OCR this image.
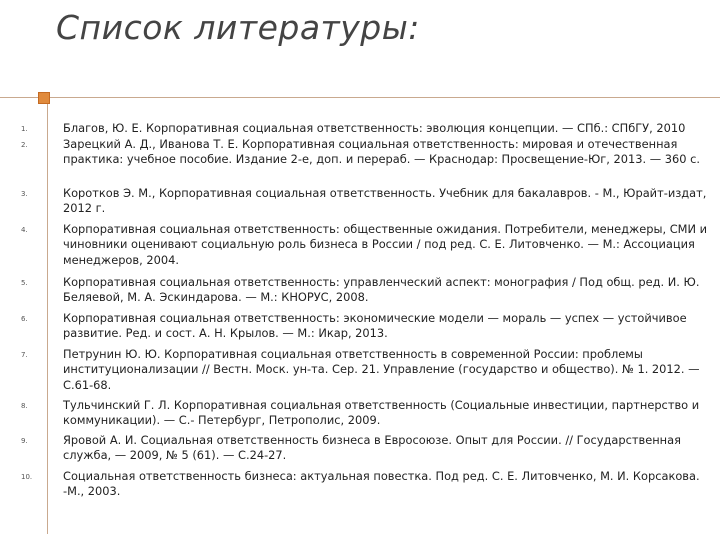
Список литературы:
1.	Благов, Ю. Е. Корпоративная социальная ответственность: эволюция концепции. — СПб.: СПбГУ, 2010
2.	Зарецкий А. Д., Иванова Т. Е. Корпоративная социальная ответственность: мировая и отечественная практика: учебное пособие. Издание 2-е, доп. и перераб. — Краснодар: Просвещение-Юг, 2013. — 360 с.
3.	Коротков Э. М., Корпоративная социальная ответственность. Учебник для бакалавров. - М., Юрайт-издат, 2012 г.
4.	Корпоративная социальная ответственность: общественные ожидания. Потребители, менеджеры, СМИ и чиновники оценивают социальную роль бизнеса в России / под ред. С. Е. Литовченко. — М.: Ассоциация менеджеров, 2004.
5.	Корпоративная социальная ответственность: управленческий аспект: монография / Под общ. ред. И. Ю. Беляевой, М. А. Эскиндарова. — М.: КНОРУС, 2008.
6.	Корпоративная социальная ответственность: экономические модели — мораль — успех — устойчивое развитие. Ред. и сост. А. Н. Крылов. — М.: Икар, 2013.
7.	Петрунин Ю. Ю. Корпоративная социальная ответственность в современной России: проблемы институционализации // Вестн. Моск. ун-та. Сер. 21. Управление (государство и общество). № 1. 2012. — С.61-68.
8.	Тульчинский Г. Л. Корпоративная социальная ответственность (Социальные инвестиции, партнерство и коммуникации). — С.- Петербург, Петрополис, 2009.
9.	Яровой А. И. Социальная ответственность бизнеса в Евросоюзе. Опыт для России. // Государственная служба, — 2009, № 5 (61). — С.24-27.
10.	Социальная ответственность бизнеса: актуальная повестка. Под ред. С. Е. Литовченко, М. И. Корсакова. -М., 2003.
